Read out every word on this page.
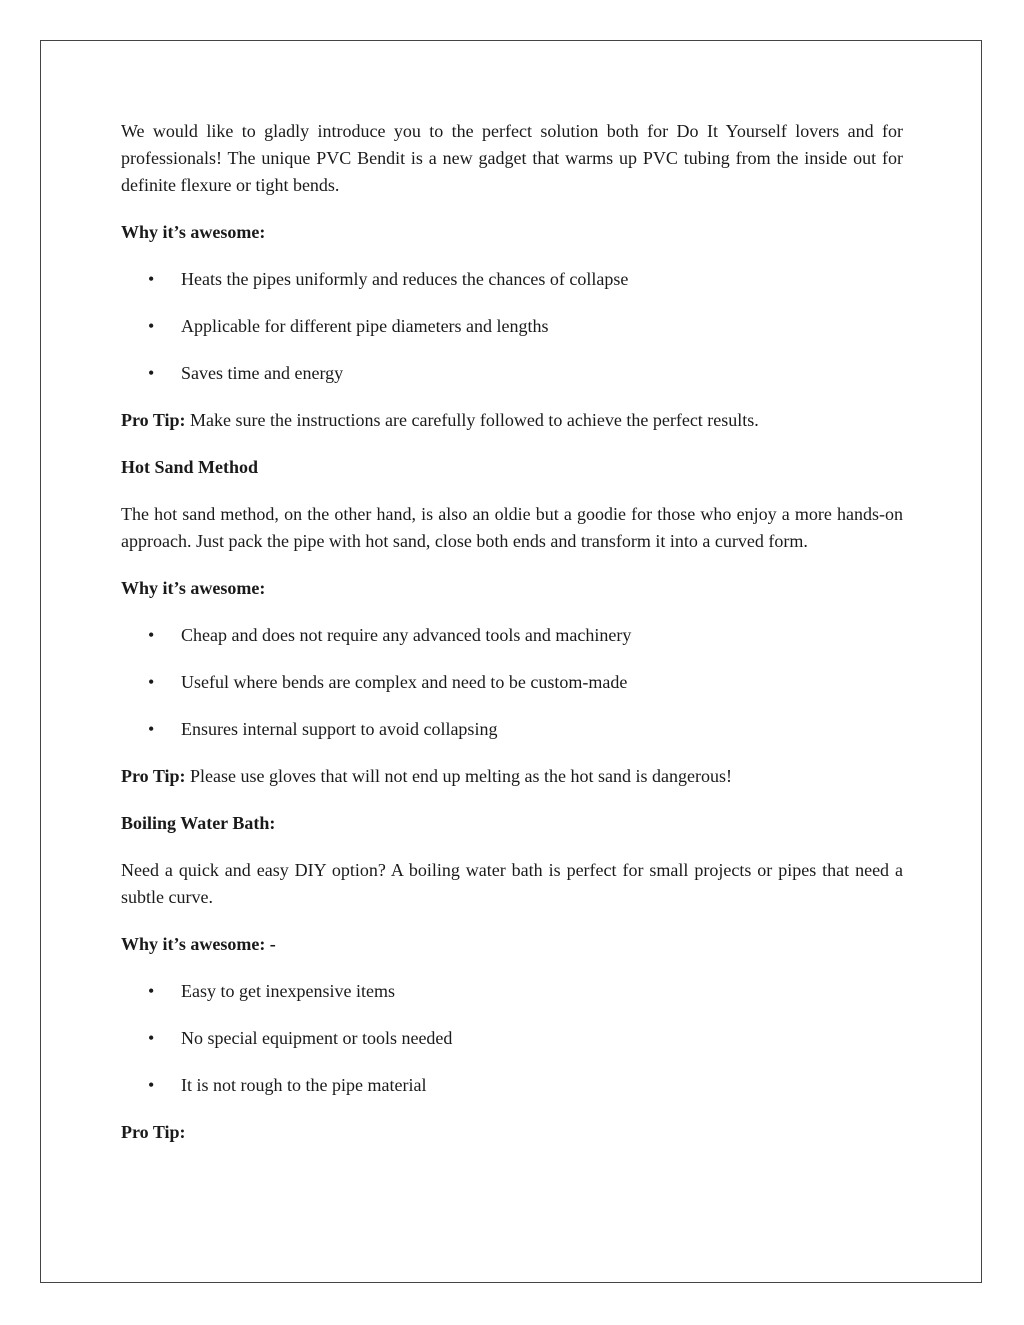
We would like to gladly introduce you to the perfect solution both for Do It Yourself lovers and for professionals! The unique PVC Bendit is a new gadget that warms up PVC tubing from the inside out for definite flexure or tight bends.

Why it’s awesome:

• Heats the pipes uniformly and reduces the chances of collapse
• Applicable for different pipe diameters and lengths
• Saves time and energy

Pro Tip: Make sure the instructions are carefully followed to achieve the perfect results.

Hot Sand Method

The hot sand method, on the other hand, is also an oldie but a goodie for those who enjoy a more hands-on approach. Just pack the pipe with hot sand, close both ends and transform it into a curved form.

Why it’s awesome:

• Cheap and does not require any advanced tools and machinery
• Useful where bends are complex and need to be custom-made
• Ensures internal support to avoid collapsing

Pro Tip: Please use gloves that will not end up melting as the hot sand is dangerous!

Boiling Water Bath:

Need a quick and easy DIY option? A boiling water bath is perfect for small projects or pipes that need a subtle curve.

Why it’s awesome: -

• Easy to get inexpensive items
• No special equipment or tools needed
• It is not rough to the pipe material

Pro Tip:
